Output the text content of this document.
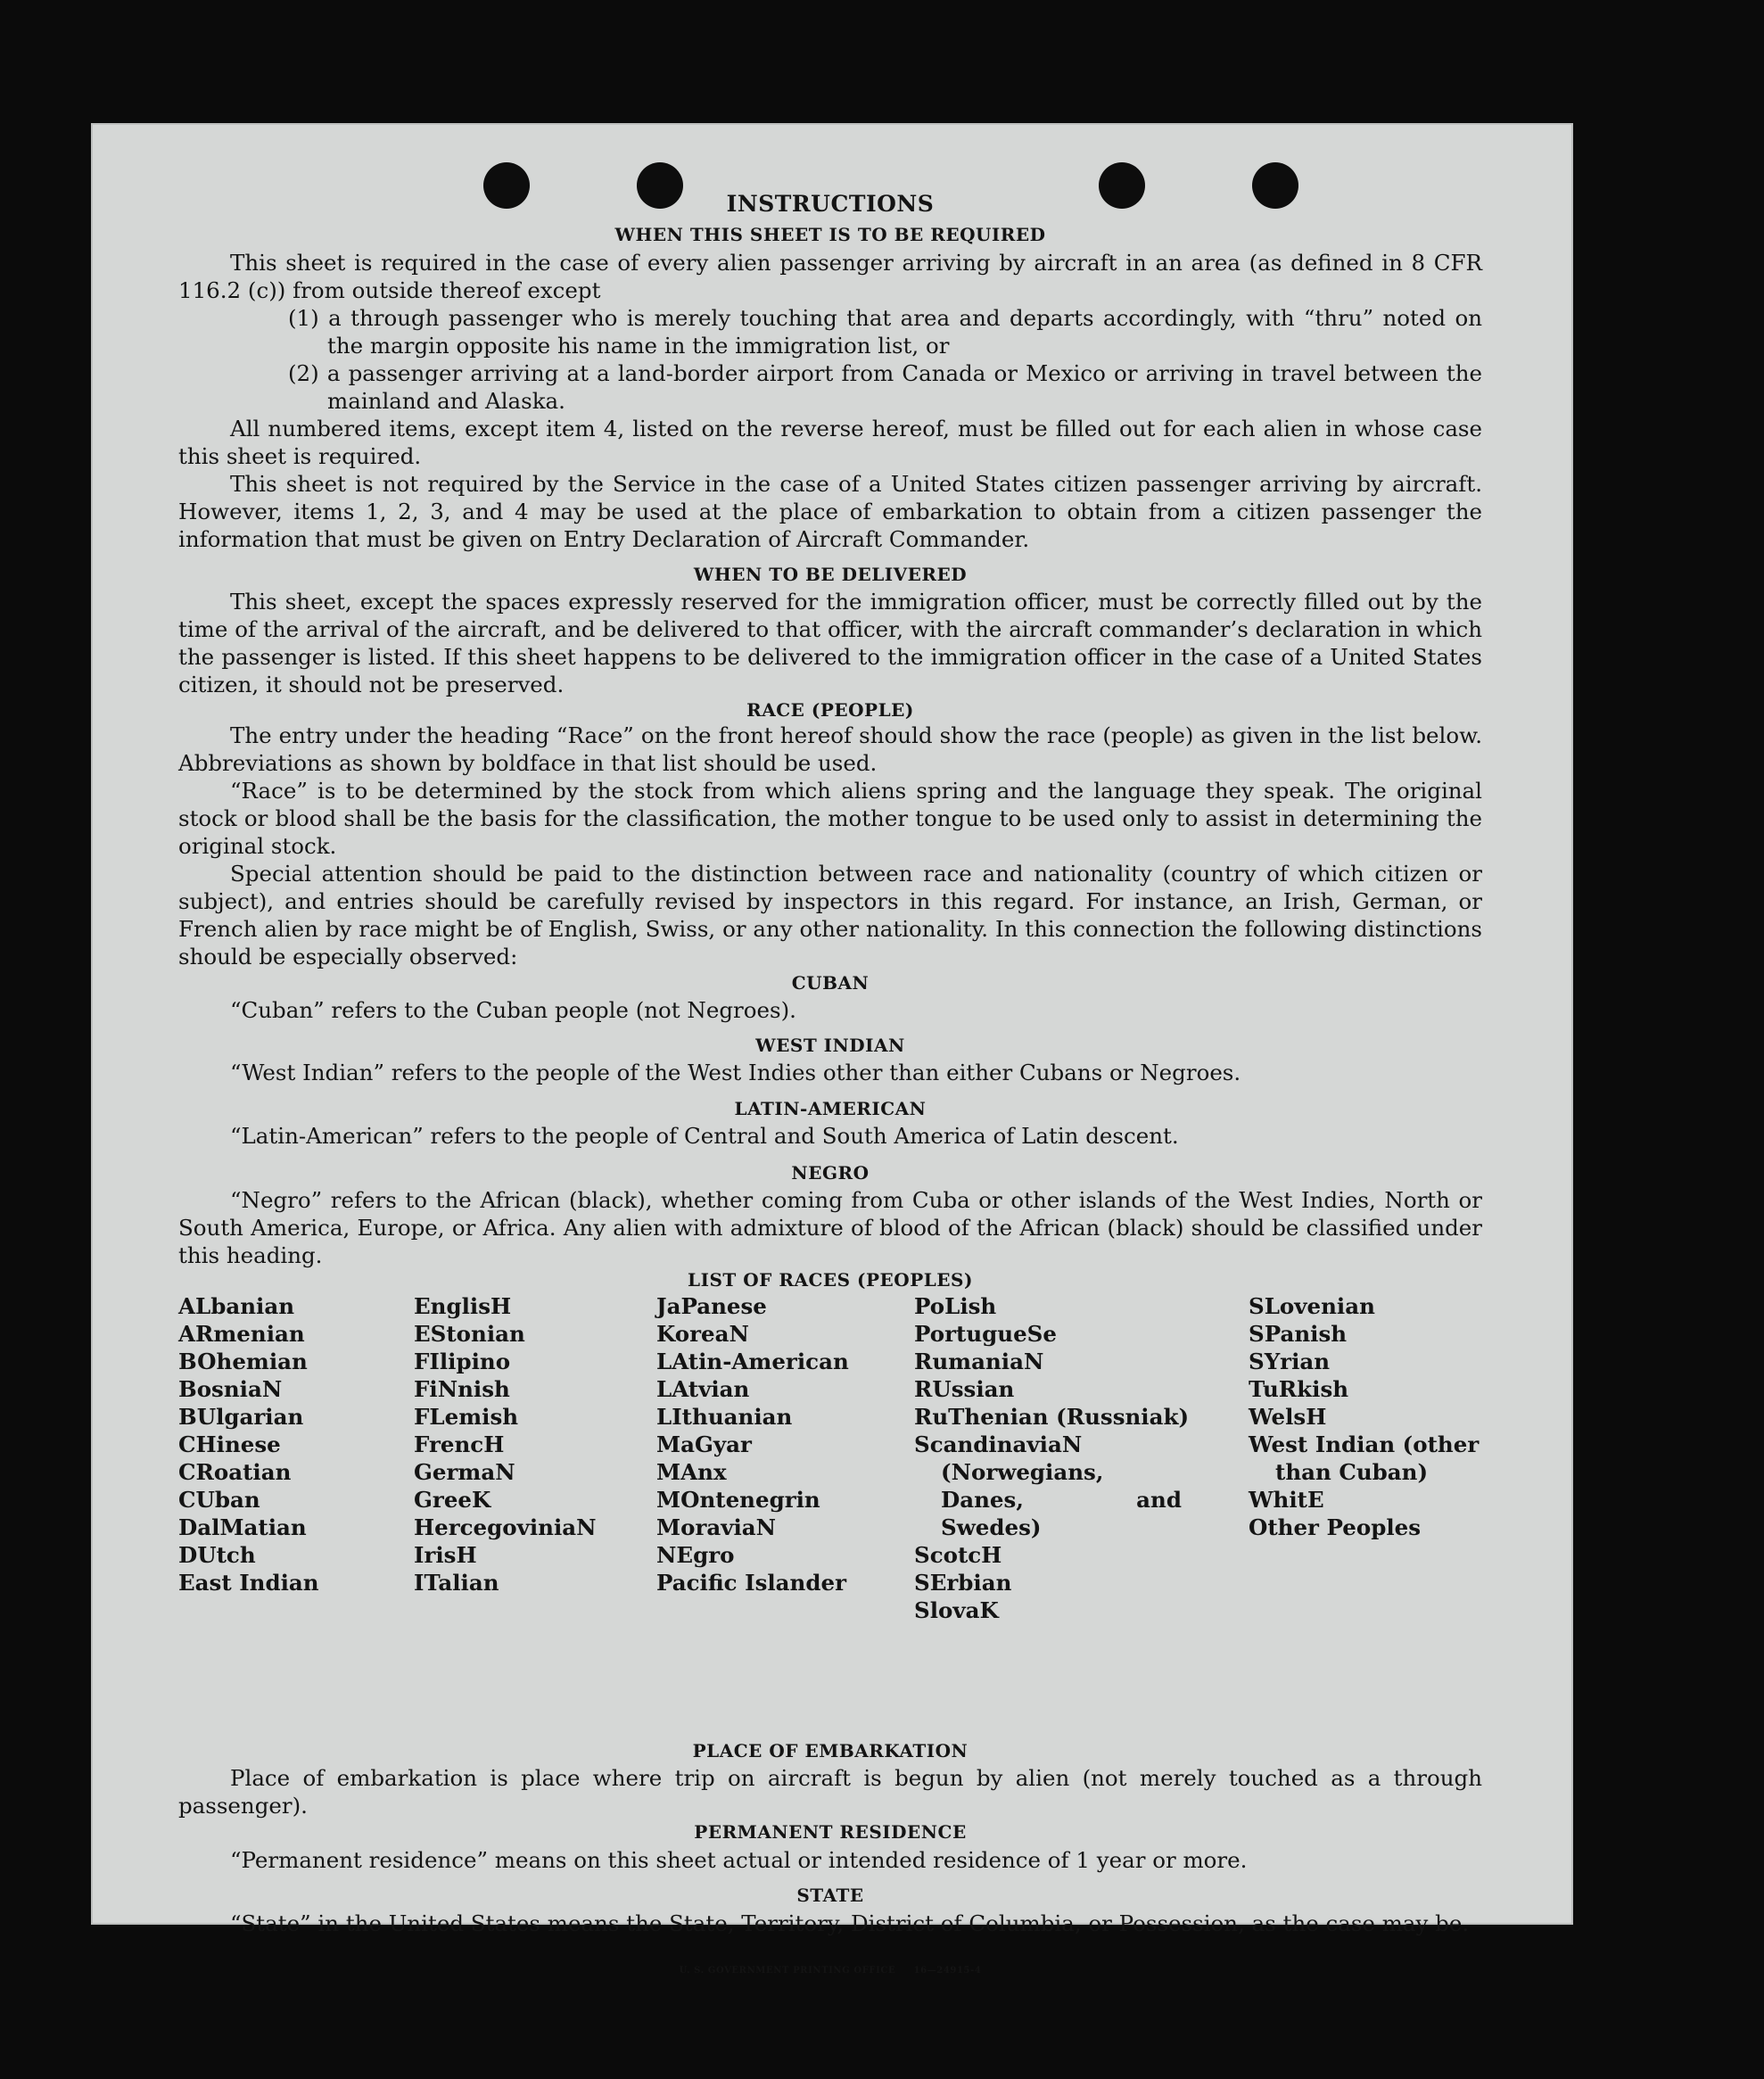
INSTRUCTIONS
WHEN THIS SHEET IS TO BE REQUIRED
This sheet is required in the case of every alien passenger arriving by aircraft in an area (as defined in 8 CFR 116.2 (c)) from outside thereof except
(1) a through passenger who is merely touching that area and departs accordingly, with “thru” noted on the margin opposite his name in the immigration list, or
(2) a passenger arriving at a land-border airport from Canada or Mexico or arriving in travel between the mainland and Alaska.
All numbered items, except item 4, listed on the reverse hereof, must be filled out for each alien in whose case this sheet is required.
This sheet is not required by the Service in the case of a United States citizen passenger arriving by aircraft. However, items 1, 2, 3, and 4 may be used at the place of embarkation to obtain from a citizen passenger the information that must be given on Entry Declaration of Aircraft Commander.
WHEN TO BE DELIVERED
This sheet, except the spaces expressly reserved for the immigration officer, must be correctly filled out by the time of the arrival of the aircraft, and be delivered to that officer, with the aircraft commander’s declaration in which the passenger is listed. If this sheet happens to be delivered to the immigration officer in the case of a United States citizen, it should not be preserved.
RACE (PEOPLE)
The entry under the heading “Race” on the front hereof should show the race (people) as given in the list below. Abbreviations as shown by boldface in that list should be used.
“Race” is to be determined by the stock from which aliens spring and the language they speak. The original stock or blood shall be the basis for the classification, the mother tongue to be used only to assist in determining the original stock.
Special attention should be paid to the distinction between race and nationality (country of which citizen or subject), and entries should be carefully revised by inspectors in this regard. For instance, an Irish, German, or French alien by race might be of English, Swiss, or any other nationality. In this connection the following distinctions should be especially observed:
CUBAN
“Cuban” refers to the Cuban people (not Negroes).
WEST INDIAN
“West Indian” refers to the people of the West Indies other than either Cubans or Negroes.
LATIN-AMERICAN
“Latin-American” refers to the people of Central and South America of Latin descent.
NEGRO
“Negro” refers to the African (black), whether coming from Cuba or other islands of the West Indies, North or South America, Europe, or Africa. Any alien with admixture of blood of the African (black) should be classified under this heading.
LIST OF RACES (PEOPLES)
ALbanian
ARmenian
BOhemian
BosniaN
BUlgarian
CHinese
CRoatian
CUban
DalMatian
DUtch
East Indian
EnglisH
EStonian
FIlipino
FiNnish
FLemish
FrencH
GermaN
GreeK
HercegoviniaN
IrisH
ITalian
JaPanese
KoreaN
LAtin-American
LAtvian
LIthuanian
MaGyar
MAnx
MOntenegrin
MoraviaN
NEgro
Pacific Islander
PoLish
PortugueSe
RumaniaN
RUssian
RuThenian (Russniak)
ScandinaviaN (Norwegians, Danes, and Swedes)
ScotcH
SErbian
SlovaK
SLovenian
SPanish
SYrian
TuRkish
WelsH
West Indian (other than Cuban)
WhitE
Other Peoples
PLACE OF EMBARKATION
Place of embarkation is place where trip on aircraft is begun by alien (not merely touched as a through passenger).
PERMANENT RESIDENCE
“Permanent residence” means on this sheet actual or intended residence of 1 year or more.
STATE
“State” in the United States means the State, Territory, District of Columbia, or Possession, as the case may be.
U. S. GOVERNMENT PRINTING OFFICE     16—24915-4
